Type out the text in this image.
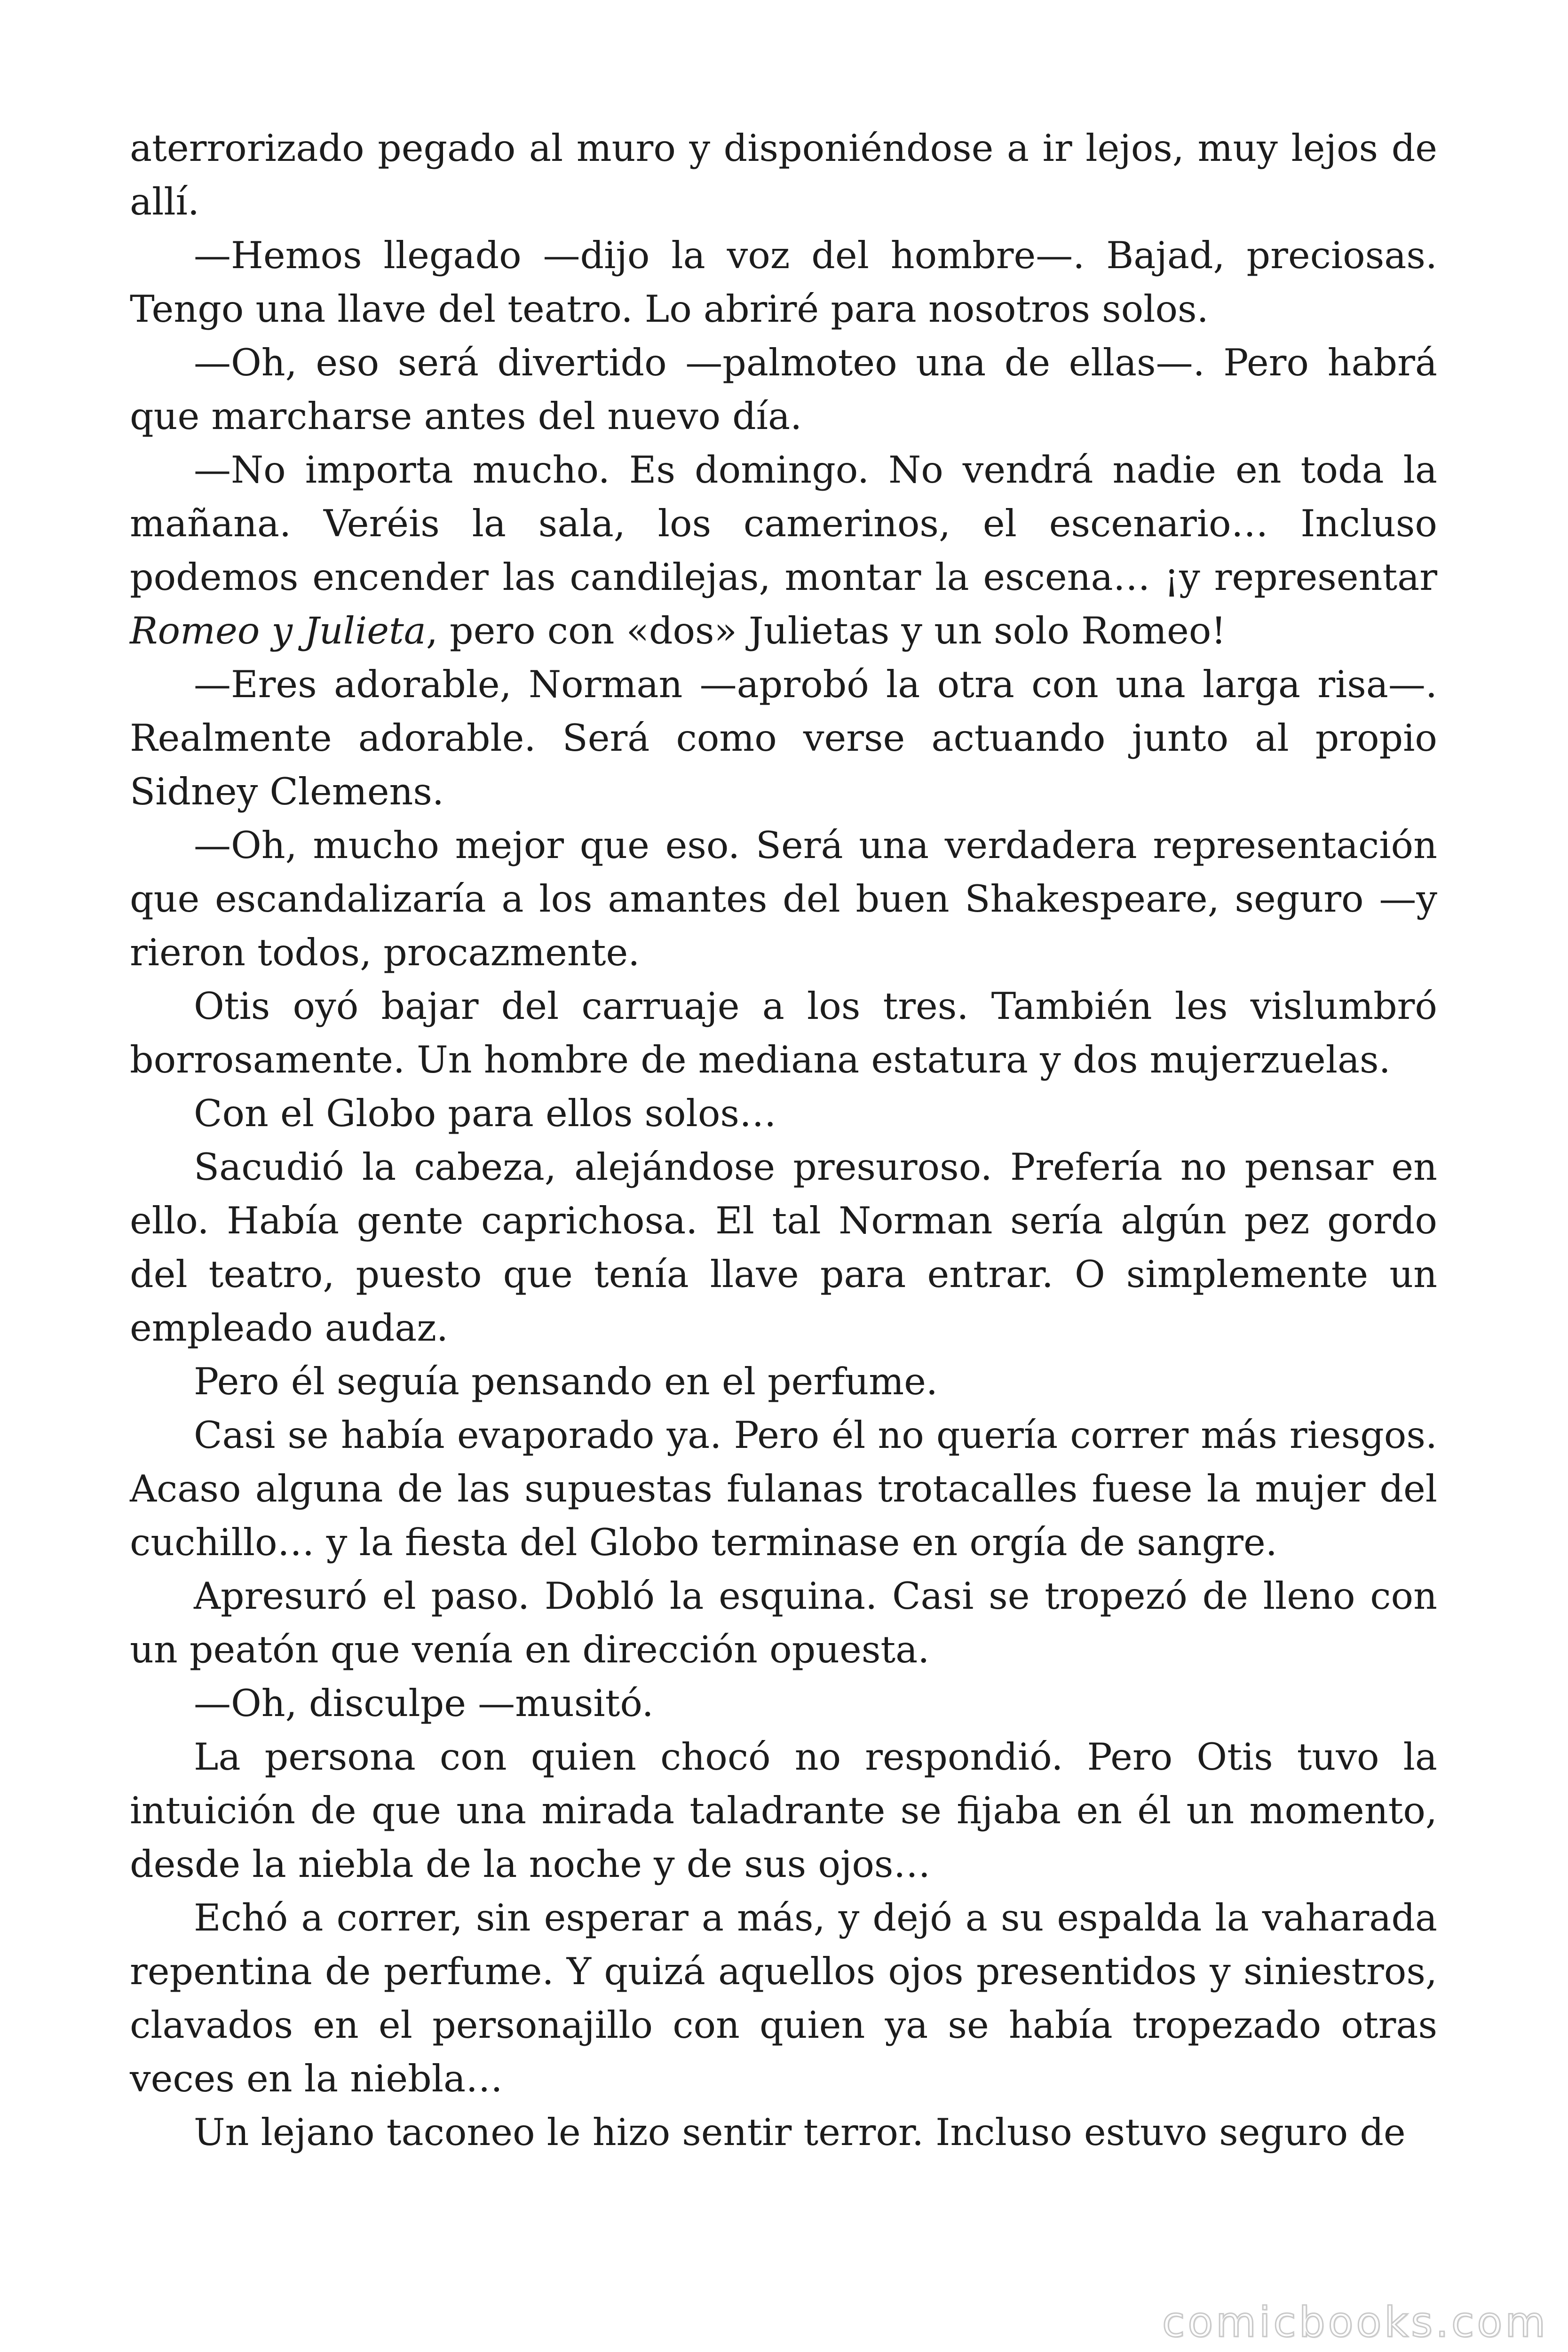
aterrorizado pegado al muro y disponiéndose a ir lejos, muy lejos de allí.

—Hemos llegado —dijo la voz del hombre—. Bajad, preciosas. Tengo una llave del teatro. Lo abriré para nosotros solos.

—Oh, eso será divertido —palmoteo una de ellas—. Pero habrá que marcharse antes del nuevo día.

—No importa mucho. Es domingo. No vendrá nadie en toda la mañana. Veréis la sala, los camerinos, el escenario… Incluso podemos encender las candilejas, montar la escena… ¡y representar Romeo y Julieta, pero con «dos» Julietas y un solo Romeo!

—Eres adorable, Norman —aprobó la otra con una larga risa—. Realmente adorable. Será como verse actuando junto al propio Sidney Clemens.

—Oh, mucho mejor que eso. Será una verdadera representación que escandalizaría a los amantes del buen Shakespeare, seguro —y rieron todos, procazmente.

Otis oyó bajar del carruaje a los tres. También les vislumbró borrosamente. Un hombre de mediana estatura y dos mujerzuelas.

Con el Globo para ellos solos…

Sacudió la cabeza, alejándose presuroso. Prefería no pensar en ello. Había gente caprichosa. El tal Norman sería algún pez gordo del teatro, puesto que tenía llave para entrar. O simplemente un empleado audaz.

Pero él seguía pensando en el perfume.

Casi se había evaporado ya. Pero él no quería correr más riesgos. Acaso alguna de las supuestas fulanas trotacalles fuese la mujer del cuchillo… y la fiesta del Globo terminase en orgía de sangre.

Apresuró el paso. Dobló la esquina. Casi se tropezó de lleno con un peatón que venía en dirección opuesta.

—Oh, disculpe —musitó.

La persona con quien chocó no respondió. Pero Otis tuvo la intuición de que una mirada taladrante se fijaba en él un momento, desde la niebla de la noche y de sus ojos…

Echó a correr, sin esperar a más, y dejó a su espalda la vaharada repentina de perfume. Y quizá aquellos ojos presentidos y siniestros, clavados en el personajillo con quien ya se había tropezado otras veces en la niebla…

Un lejano taconeo le hizo sentir terror. Incluso estuvo seguro de

comicbooks.com
